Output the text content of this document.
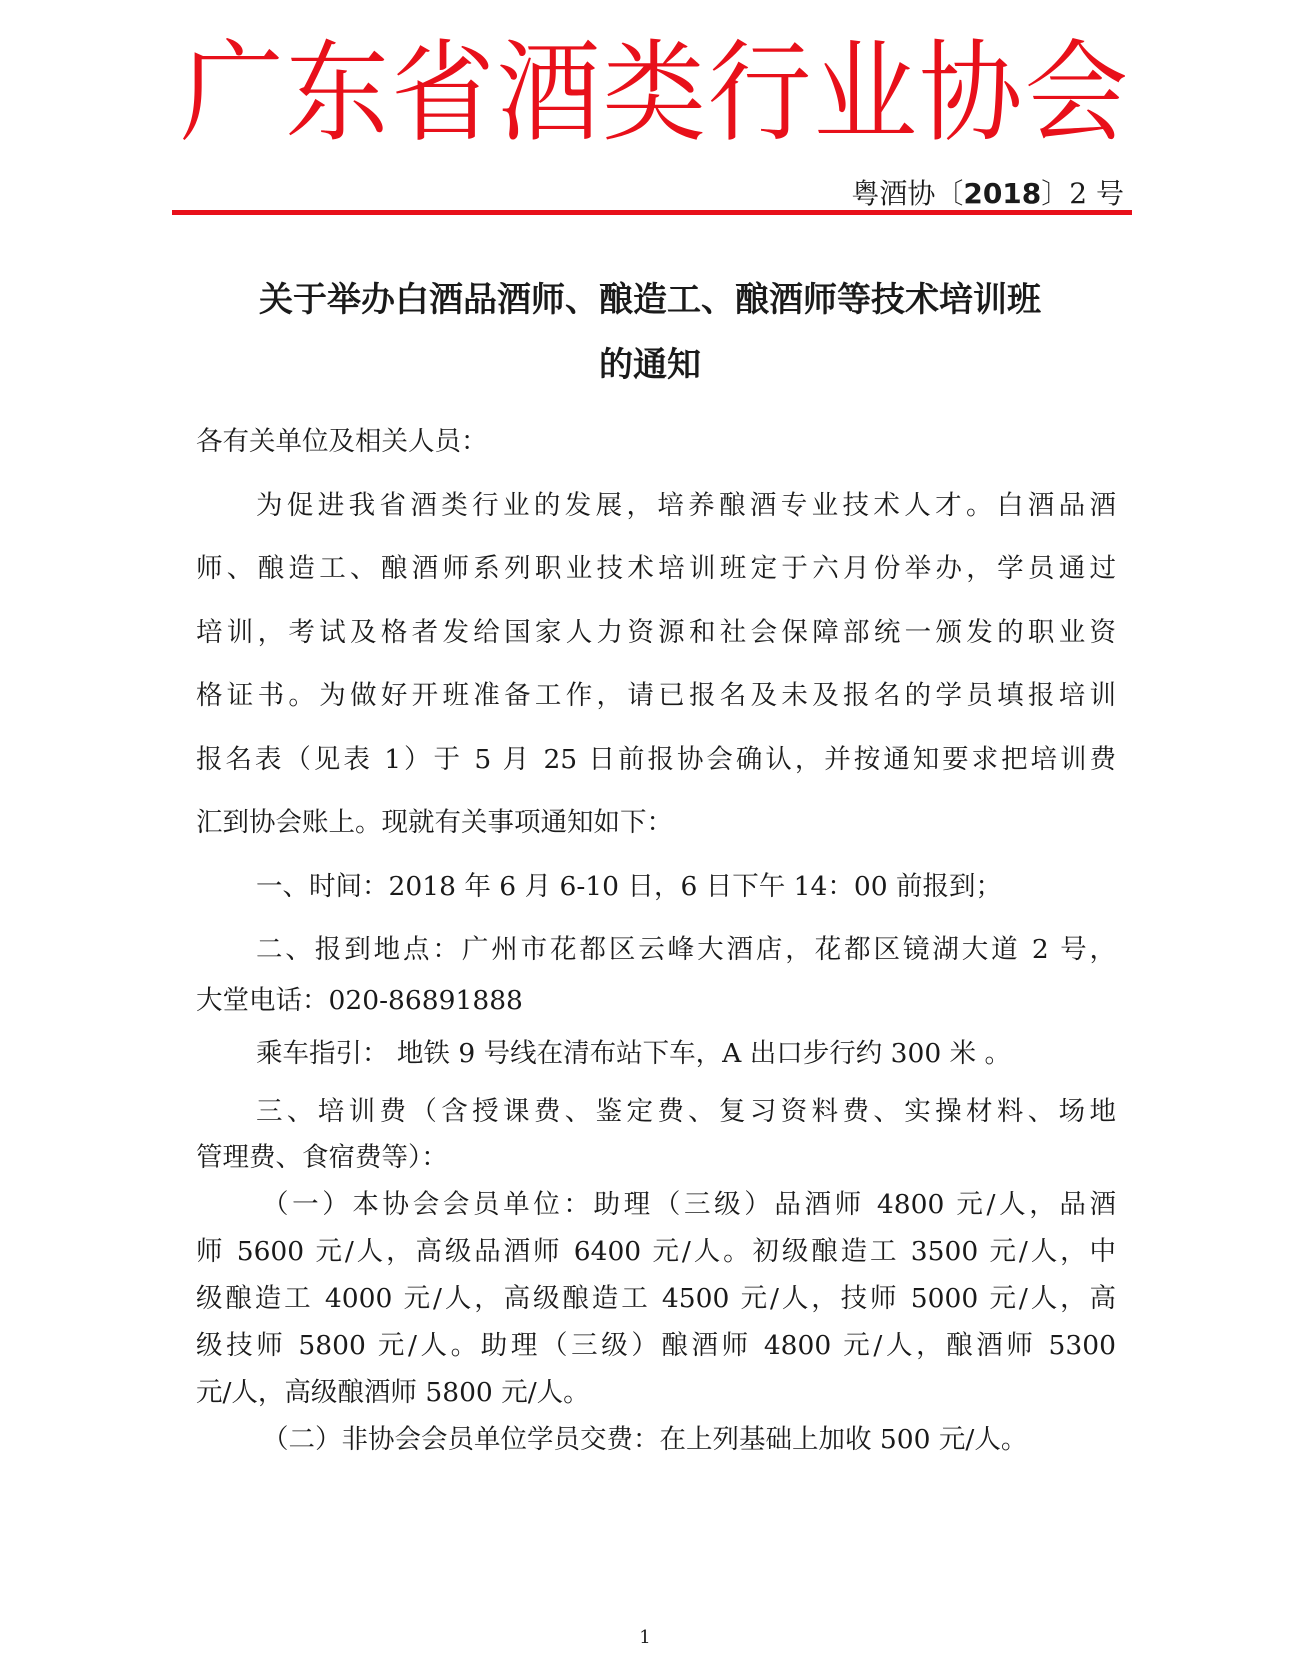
广东省酒类行业协会
粤酒协〔2018〕2 号
关于举办白酒品酒师、酿造工、酿酒师等技术培训班
的通知
各有关单位及相关人员：
为促进我省酒类行业的发展，培养酿酒专业技术人才。白酒品酒
师、酿造工、酿酒师系列职业技术培训班定于六月份举办，学员通过
培训，考试及格者发给国家人力资源和社会保障部统一颁发的职业资
格证书。为做好开班准备工作，请已报名及未及报名的学员填报培训
报名表（见表 1）于 5 月 25 日前报协会确认，并按通知要求把培训费
汇到协会账上。现就有关事项通知如下：
一、时间：2018 年 6 月 6-10 日，6 日下午 14：00 前报到；
二、报到地点：广州市花都区云峰大酒店，花都区镜湖大道 2 号，
大堂电话：020-86891888
乘车指引： 地铁 9 号线在清布站下车，A 出口步行约 300 米 。
三、培训费（含授课费、鉴定费、复习资料费、实操材料、场地
管理费、食宿费等）：
（一）本协会会员单位：助理（三级）品酒师 4800 元/人，品酒
师 5600 元/人，高级品酒师 6400 元/人。初级酿造工 3500 元/人，中
级酿造工 4000 元/人，高级酿造工 4500 元/人，技师 5000 元/人，高
级技师 5800 元/人。助理（三级）酿酒师 4800 元/人，酿酒师 5300
元/人，高级酿酒师 5800 元/人。
（二）非协会会员单位学员交费：在上列基础上加收 500 元/人。
1
